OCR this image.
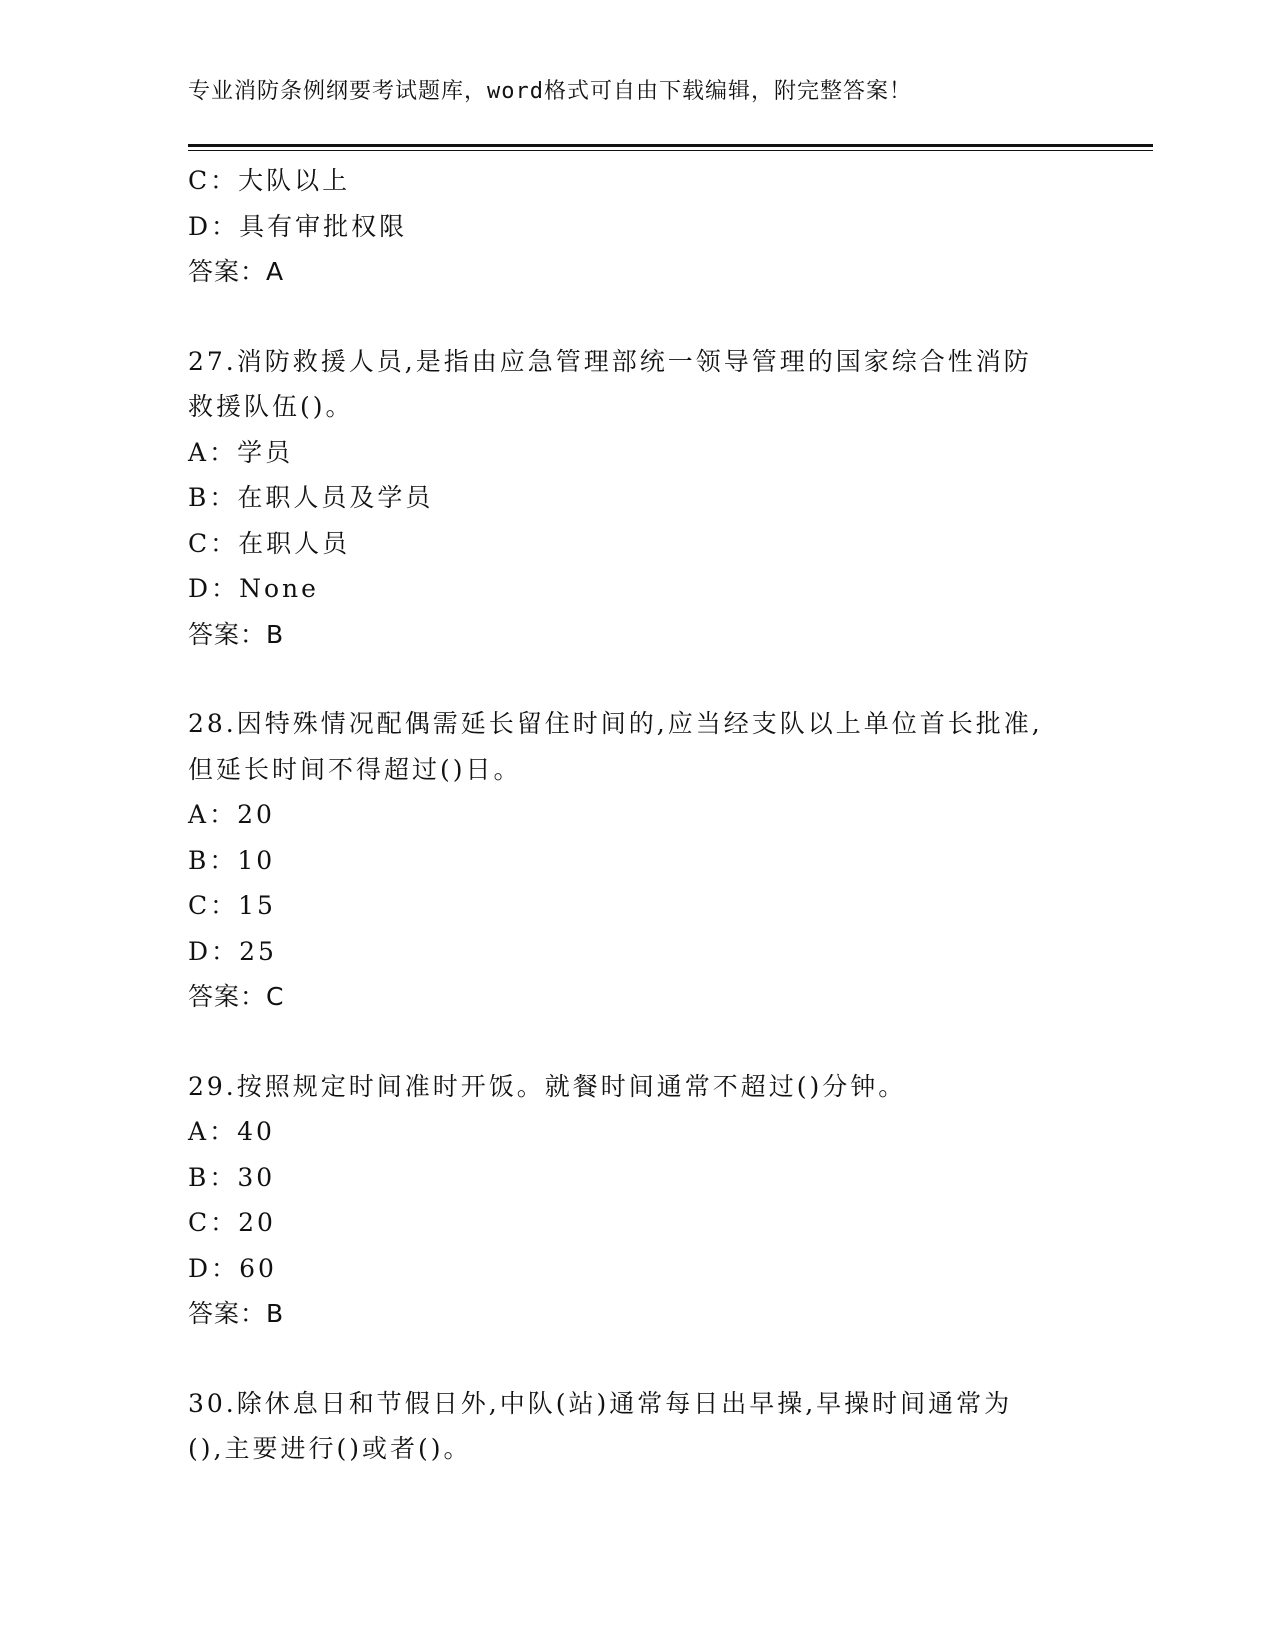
专业消防条例纲要考试题库，word格式可自由下载编辑，附完整答案！
C：大队以上
D：具有审批权限
答案：A
27.消防救援人员,是指由应急管理部统一领导管理的国家综合性消防
救援队伍()。
A：学员
B：在职人员及学员
C：在职人员
D：None
答案：B
28.因特殊情况配偶需延长留住时间的,应当经支队以上单位首长批准,
但延长时间不得超过()日。
A：20
B：10
C：15
D：25
答案：C
29.按照规定时间准时开饭。就餐时间通常不超过()分钟。
A：40
B：30
C：20
D：60
答案：B
30.除休息日和节假日外,中队(站)通常每日出早操,早操时间通常为
(),主要进行()或者()。
